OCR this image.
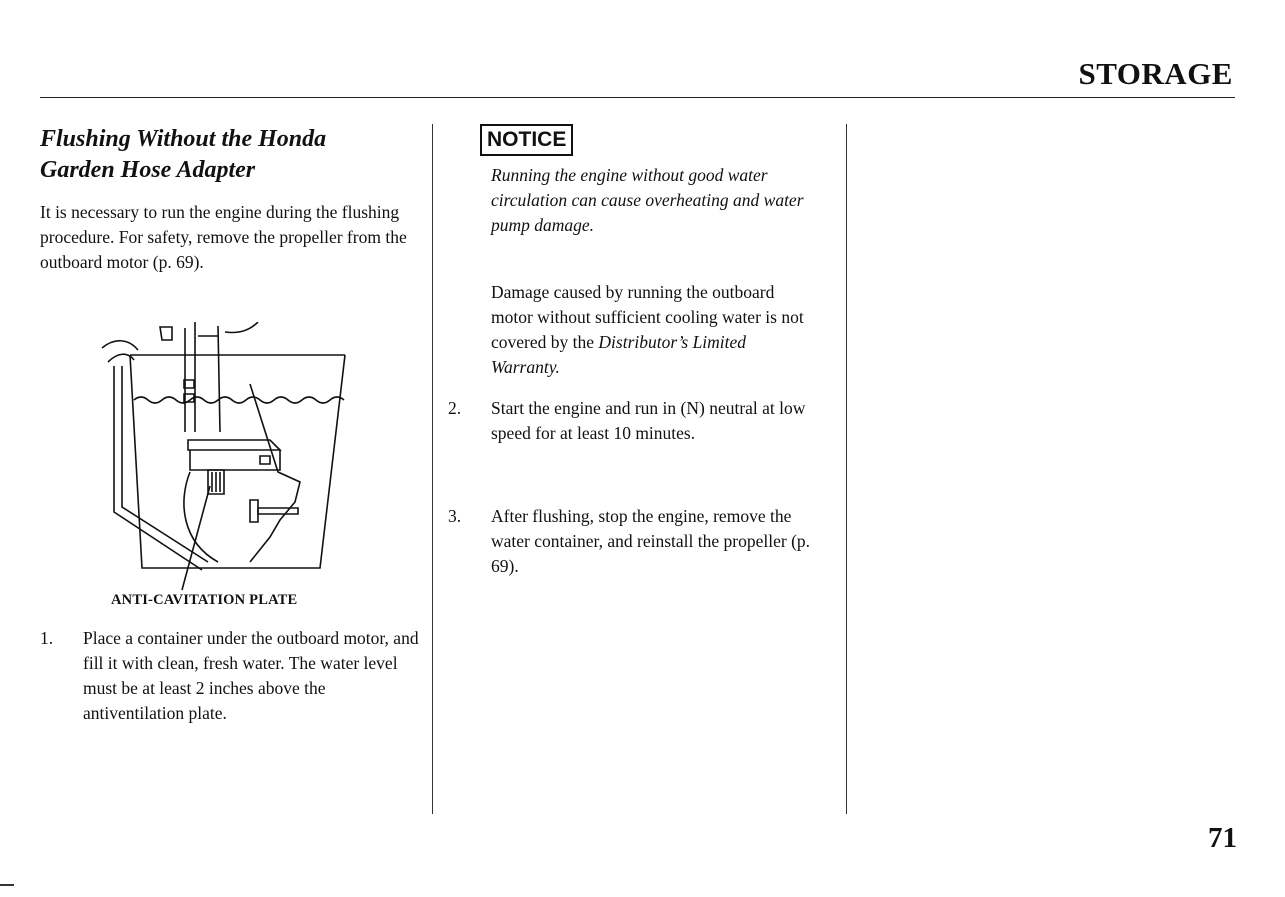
STORAGE
Flushing Without the Honda
Garden Hose Adapter
It is necessary to run the engine during the flushing procedure. For safety, remove the propeller from the outboard motor (p. 69).
ANTI-CAVITATION PLATE
1.	Place a container under the outboard motor, and fill it with clean, fresh water. The water level must be at least 2 inches above the antiventilation plate.
NOTICE
Running the engine without good water circulation can cause overheating and water pump damage.
Damage caused by running the outboard motor without sufficient cooling water is not covered by the Distributor’s Limited Warranty.
2.	Start the engine and run in (N) neutral at low speed for at least 10 minutes.
3.	After flushing, stop the engine, remove the water container, and reinstall the propeller (p. 69).
71
